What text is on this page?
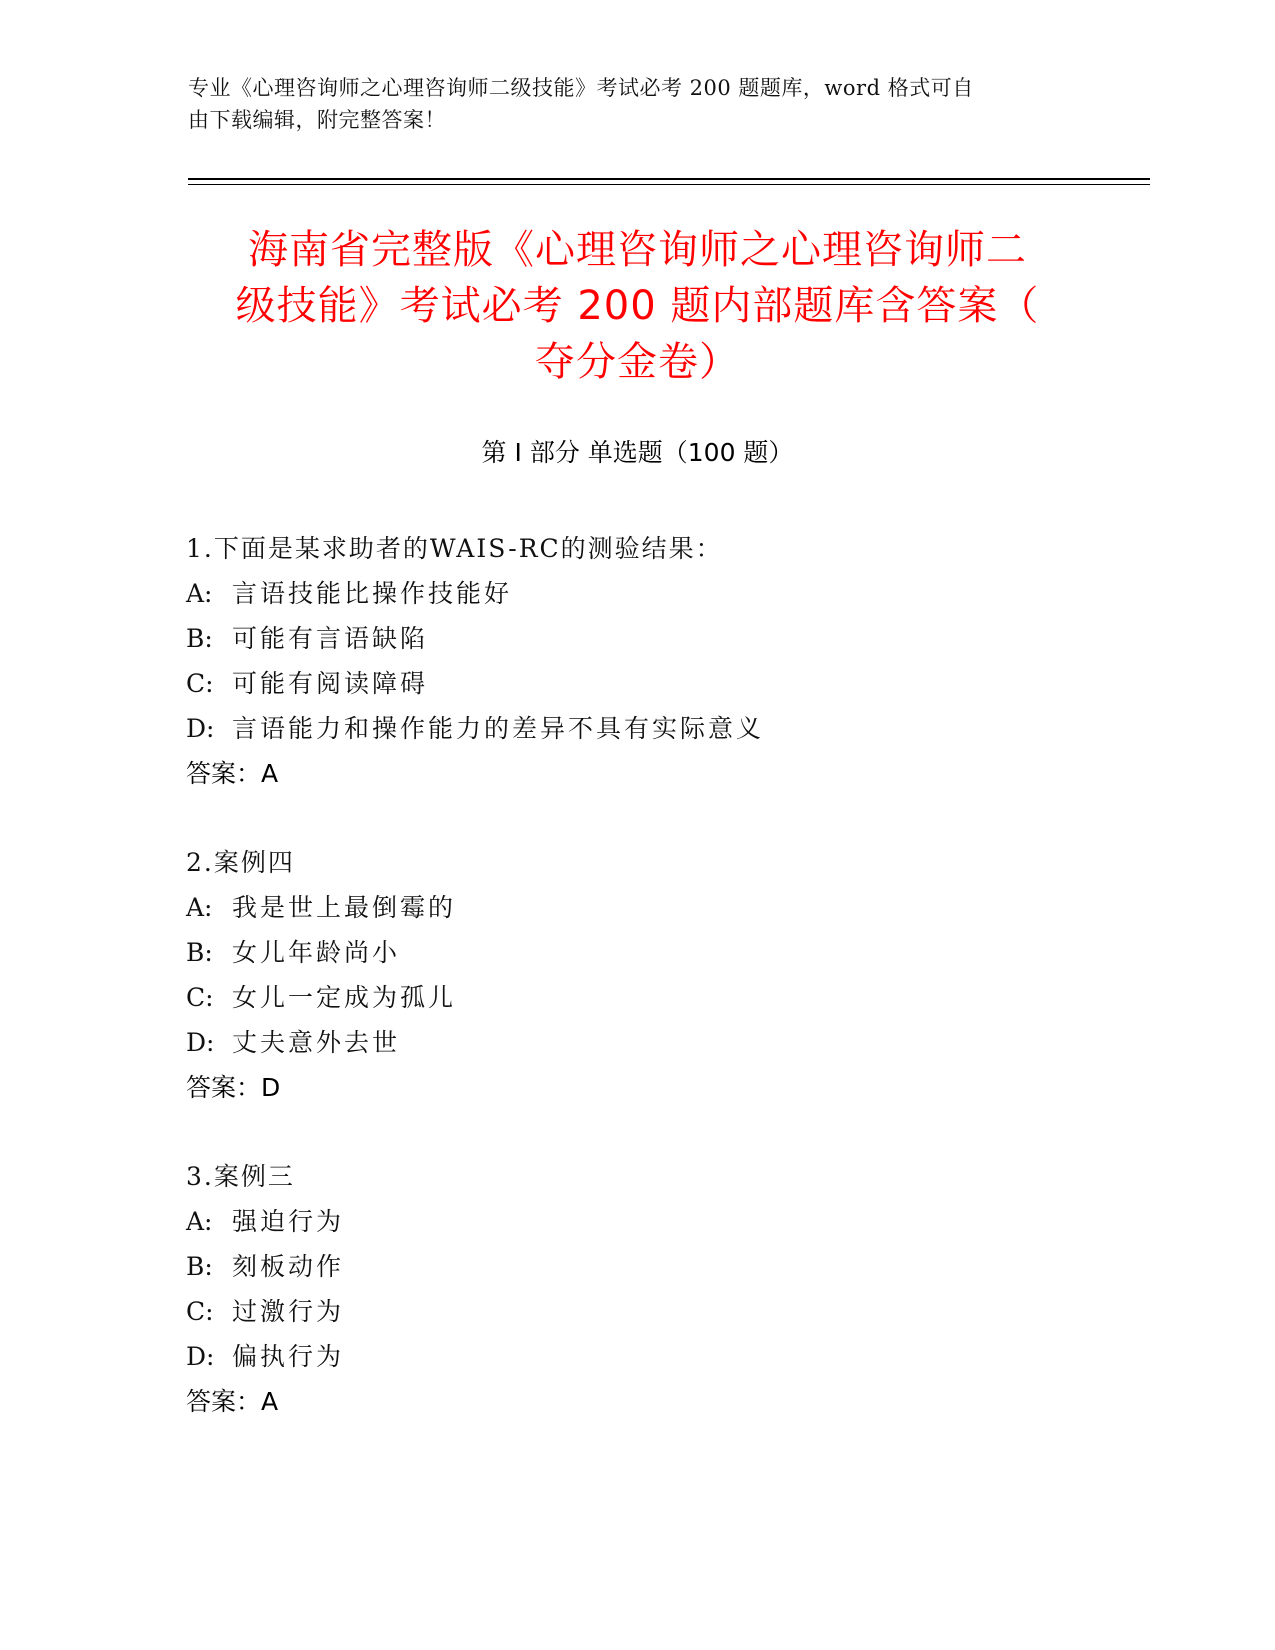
专业《心理咨询师之心理咨询师二级技能》考试必考 200 题题库，word 格式可自
由下载编辑，附完整答案！
海南省完整版《心理咨询师之心理咨询师二
级技能》考试必考 200 题内部题库含答案（
夺分金卷）
第 I 部分 单选题（100 题）
1.下面是某求助者的WAIS-RC的测验结果：
A: 言语技能比操作技能好
B: 可能有言语缺陷
C: 可能有阅读障碍
D: 言语能力和操作能力的差异不具有实际意义
答案：A
2.案例四
A: 我是世上最倒霉的
B: 女儿年龄尚小
C: 女儿一定成为孤儿
D: 丈夫意外去世
答案：D
3.案例三
A: 强迫行为
B: 刻板动作
C: 过激行为
D: 偏执行为
答案：A
